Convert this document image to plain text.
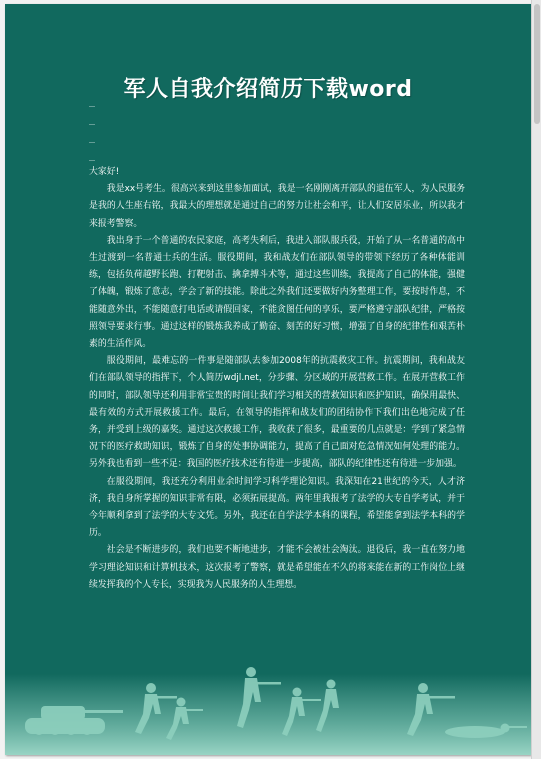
军人自我介绍简历下载word

大家好!

我是xx号考生。很高兴来到这里参加面试，我是一名刚刚离开部队的退伍军人，为人民服务是我的人生座右铭，我最大的理想就是通过自己的努力让社会和平，让人们安居乐业，所以我才来报考警察。

我出身于一个普通的农民家庭，高考失利后，我进入部队服兵役，开始了从一名普通的高中生过渡到一名普通士兵的生活。服役期间，我和战友们在部队领导的带领下经历了各种体能训练，包括负荷越野长跑、打靶射击、擒拿搏斗术等，通过这些训练，我提高了自己的体能，强健了体魄，锻炼了意志，学会了新的技能。除此之外我们还要做好内务整理工作，要按时作息，不能随意外出，不能随意打电话或请假回家，不能贪图任何的享乐，要严格遵守部队纪律，严格按照领导要求行事。通过这样的锻炼我养成了勤奋、刻苦的好习惯，增强了自身的纪律性和艰苦朴素的生活作风。

服役期间，最难忘的一件事是随部队去参加2008年的抗震救灾工作。抗震期间，我和战友们在部队领导的指挥下，个人简历wdjl.net，分步骤、分区域的开展营救工作。在展开营救工作的同时，部队领导还利用非常宝贵的时间让我们学习相关的营救知识和医护知识，确保用最快、最有效的方式开展救援工作。最后，在领导的指挥和战友们的团结协作下我们出色地完成了任务，并受到上级的嘉奖。通过这次救援工作，我收获了很多，最重要的几点就是：学到了紧急情况下的医疗救助知识，锻炼了自身的处事协调能力，提高了自己面对危急情况如何处理的能力。另外我也看到一些不足：我国的医疗技术还有待进一步提高，部队的纪律性还有待进一步加强。

在服役期间，我还充分利用业余时间学习科学理论知识。我深知在21世纪的今天，人才济济，我自身所掌握的知识非常有限，必须拓展提高。两年里我报考了法学的大专自学考试，并于今年顺利拿到了法学的大专文凭。另外，我还在自学法学本科的课程，希望能拿到法学本科的学历。

社会是不断进步的，我们也要不断地进步，才能不会被社会淘汰。退役后，我一直在努力地学习理论知识和计算机技术，这次报考了警察，就是希望能在不久的将来能在新的工作岗位上继续发挥我的个人专长，实现我为人民服务的人生理想。
